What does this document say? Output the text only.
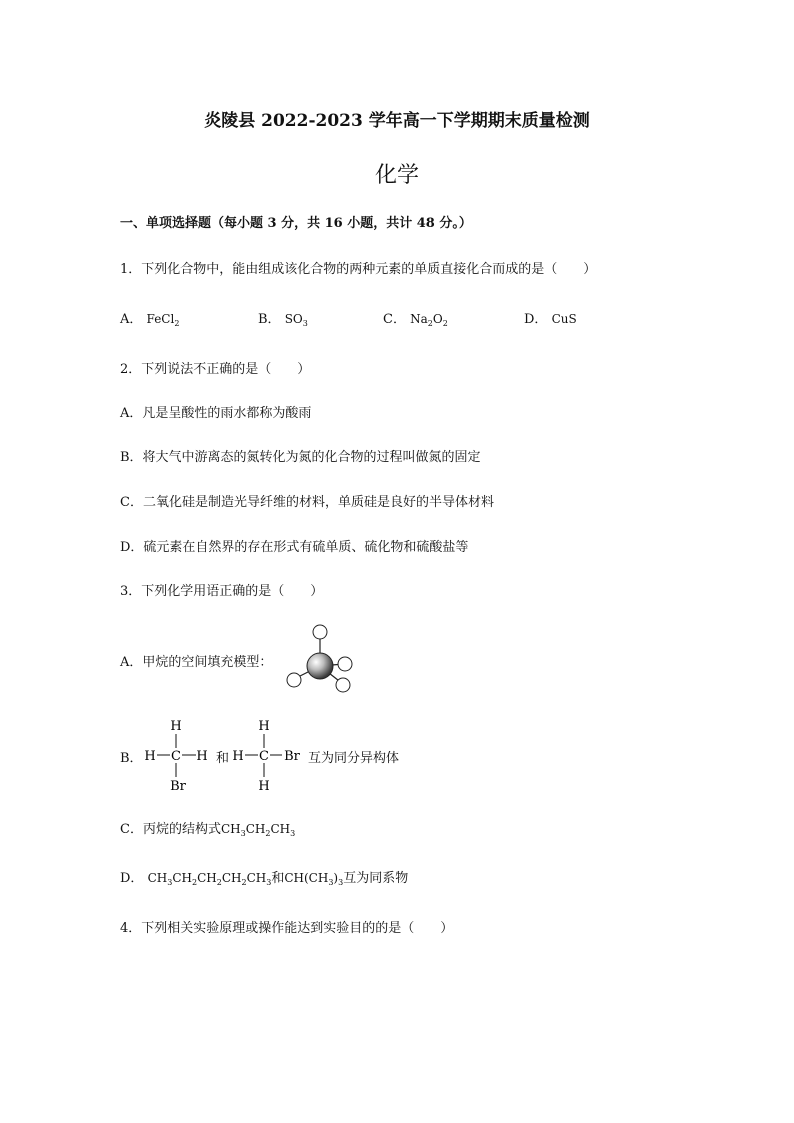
炎陵县 2022-2023 学年高一下学期期末质量检测
化学
一、单项选择题（每小题 3 分，共 16 小题，共计 48 分。）
1．下列化合物中，能由组成该化合物的两种元素的单质直接化合而成的是（　　）
A． FeCl$_2$	B． $SO_3$	C． $Na_2O_2$	D． CuS
2．下列说法不正确的是（　　）
A．凡是呈酸性的雨水都称为酸雨
B．将大气中游离态的氮转化为氮的化合物的过程叫做氮的固定
C．二氧化硅是制造光导纤维的材料，单质硅是良好的半导体材料
D．硫元素在自然界的存在形式有硫单质、硫化物和硫酸盐等
3．下列化学用语正确的是（　　）
A．甲烷的空间填充模型：
B．
H
H C H
Br
和
H
H C Br
H
互为同分异构体
C．丙烷的结构式$CH_3CH_2CH_3$
D． $CH_3CH_2CH_2CH_2CH_3$和$CH(CH_3)_3$互为同系物
4．下列相关实验原理或操作能达到实验目的的是（　　）
